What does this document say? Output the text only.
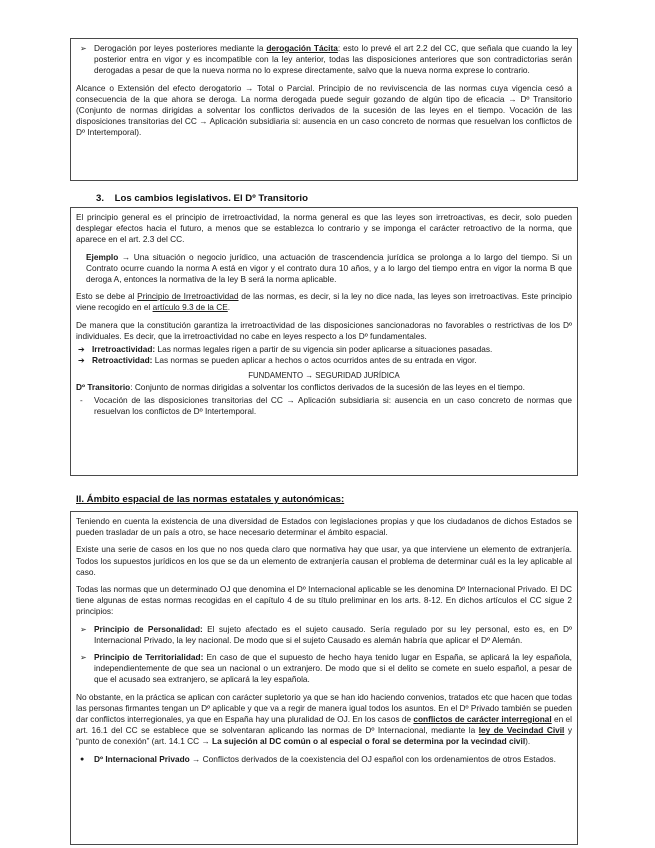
➢ Derogación por leyes posteriores mediante la derogación Tácita: esto lo prevé el art 2.2 del CC, que señala que cuando la ley posterior entra en vigor y es incompatible con la ley anterior, todas las disposiciones anteriores que son contradictorias serán derogadas a pesar de que la nueva norma no lo exprese directamente, salvo que la nueva norma exprese lo contrario.

Alcance o Extensión del efecto derogatorio → Total o Parcial. Principio de no reviviscencia de las normas cuya vigencia cesó a consecuencia de la que ahora se deroga. La norma derogada puede seguir gozando de algún tipo de eficacia → Dº Transitorio (Conjunto de normas dirigidas a solventar los conflictos derivados de la sucesión de las leyes en el tiempo. Vocación de las disposiciones transitorias del CC → Aplicación subsidiaria si: ausencia en un caso concreto de normas que resuelvan los conflictos de Dº Intertemporal).

3.    Los cambios legislativos. El Dº Transitorio

El principio general es el principio de irretroactividad, la norma general es que las leyes son irretroactivas, es decir, solo pueden desplegar efectos hacia el futuro, a menos que se establezca lo contrario y se imponga el carácter retroactivo de la norma, que aparece en el art. 2.3 del CC.

Ejemplo → Una situación o negocio jurídico, una actuación de trascendencia jurídica se prolonga a lo largo del tiempo. Si un Contrato ocurre cuando la norma A está en vigor y el contrato dura 10 años, y a lo largo del tiempo entra en vigor la norma B que deroga A, entonces la normativa de la ley B será la norma aplicable.

Esto se debe al Principio de Irretroactividad de las normas, es decir, si la ley no dice nada, las leyes son irretroactivas. Este principio viene recogido en el artículo 9.3 de la CE.

De manera que la constitución garantiza la irretroactividad de las disposiciones sancionadoras no favorables o restrictivas de los Dº individuales. Es decir, que la irretroactividad no cabe en leyes respecto a los Dº fundamentales.

➔ Irretroactividad: Las normas legales rigen a partir de su vigencia sin poder aplicarse a situaciones pasadas.
➔ Retroactividad: Las normas se pueden aplicar a hechos o actos ocurridos antes de su entrada en vigor.

FUNDAMENTO → SEGURIDAD JURÍDICA

Dº Transitorio: Conjunto de normas dirigidas a solventar los conflictos derivados de la sucesión de las leyes en el tiempo.

-	Vocación de las disposiciones transitorias del CC → Aplicación subsidiaria si: ausencia en un caso concreto de normas que resuelvan los conflictos de Dº Intertemporal.
II. Ámbito espacial de las normas estatales y autonómicas:

Teniendo en cuenta la existencia de una diversidad de Estados con legislaciones propias y que los ciudadanos de dichos Estados se pueden trasladar de un país a otro, se hace necesario determinar el ámbito espacial.

Existe una serie de casos en los que no nos queda claro que normativa hay que usar, ya que interviene un elemento de extranjería. Todos los supuestos jurídicos en los que se da un elemento de extranjería causan el problema de determinar cuál es la ley aplicable al caso.

Todas las normas que un determinado OJ que denomina el Dº Internacional aplicable se les denomina Dº Internacional Privado. El DC tiene algunas de estas normas recogidas en el capítulo 4 de su título preliminar en los arts. 8-12. En dichos artículos el CC sigue 2 principios:

➢ Principio de Personalidad: El sujeto afectado es el sujeto causado. Sería regulado por su ley personal, esto es, en Dº Internacional Privado, la ley nacional. De modo que si el sujeto Causado es alemán habría que aplicar el Dº Alemán.
➢ Principio de Territorialidad: En caso de que el supuesto de hecho haya tenido lugar en España, se aplicará la ley española, independientemente de que sea un nacional o un extranjero. De modo que si el delito se comete en suelo español, a pesar de que el acusado sea extranjero, se aplicará la ley española.

No obstante, en la práctica se aplican con carácter supletorio ya que se han ido haciendo convenios, tratados etc que hacen que todas las personas firmantes tengan un Dº aplicable y que va a regir de manera igual todos los asuntos. En el Dº Privado también se pueden dar conflictos interregionales, ya que en España hay una pluralidad de OJ. En los casos de conflictos de carácter interregional en el art. 16.1 del CC se establece que se solventaran aplicando las normas de Dº Internacional, mediante la ley de Vecindad Civil y “punto de conexión” (art. 14.1 CC → La sujeción al DC común o al especial o foral se determina por la vecindad civil).

●	Dº Internacional Privado → Conflictos derivados de la coexistencia del OJ español con los ordenamientos de otros Estados.
